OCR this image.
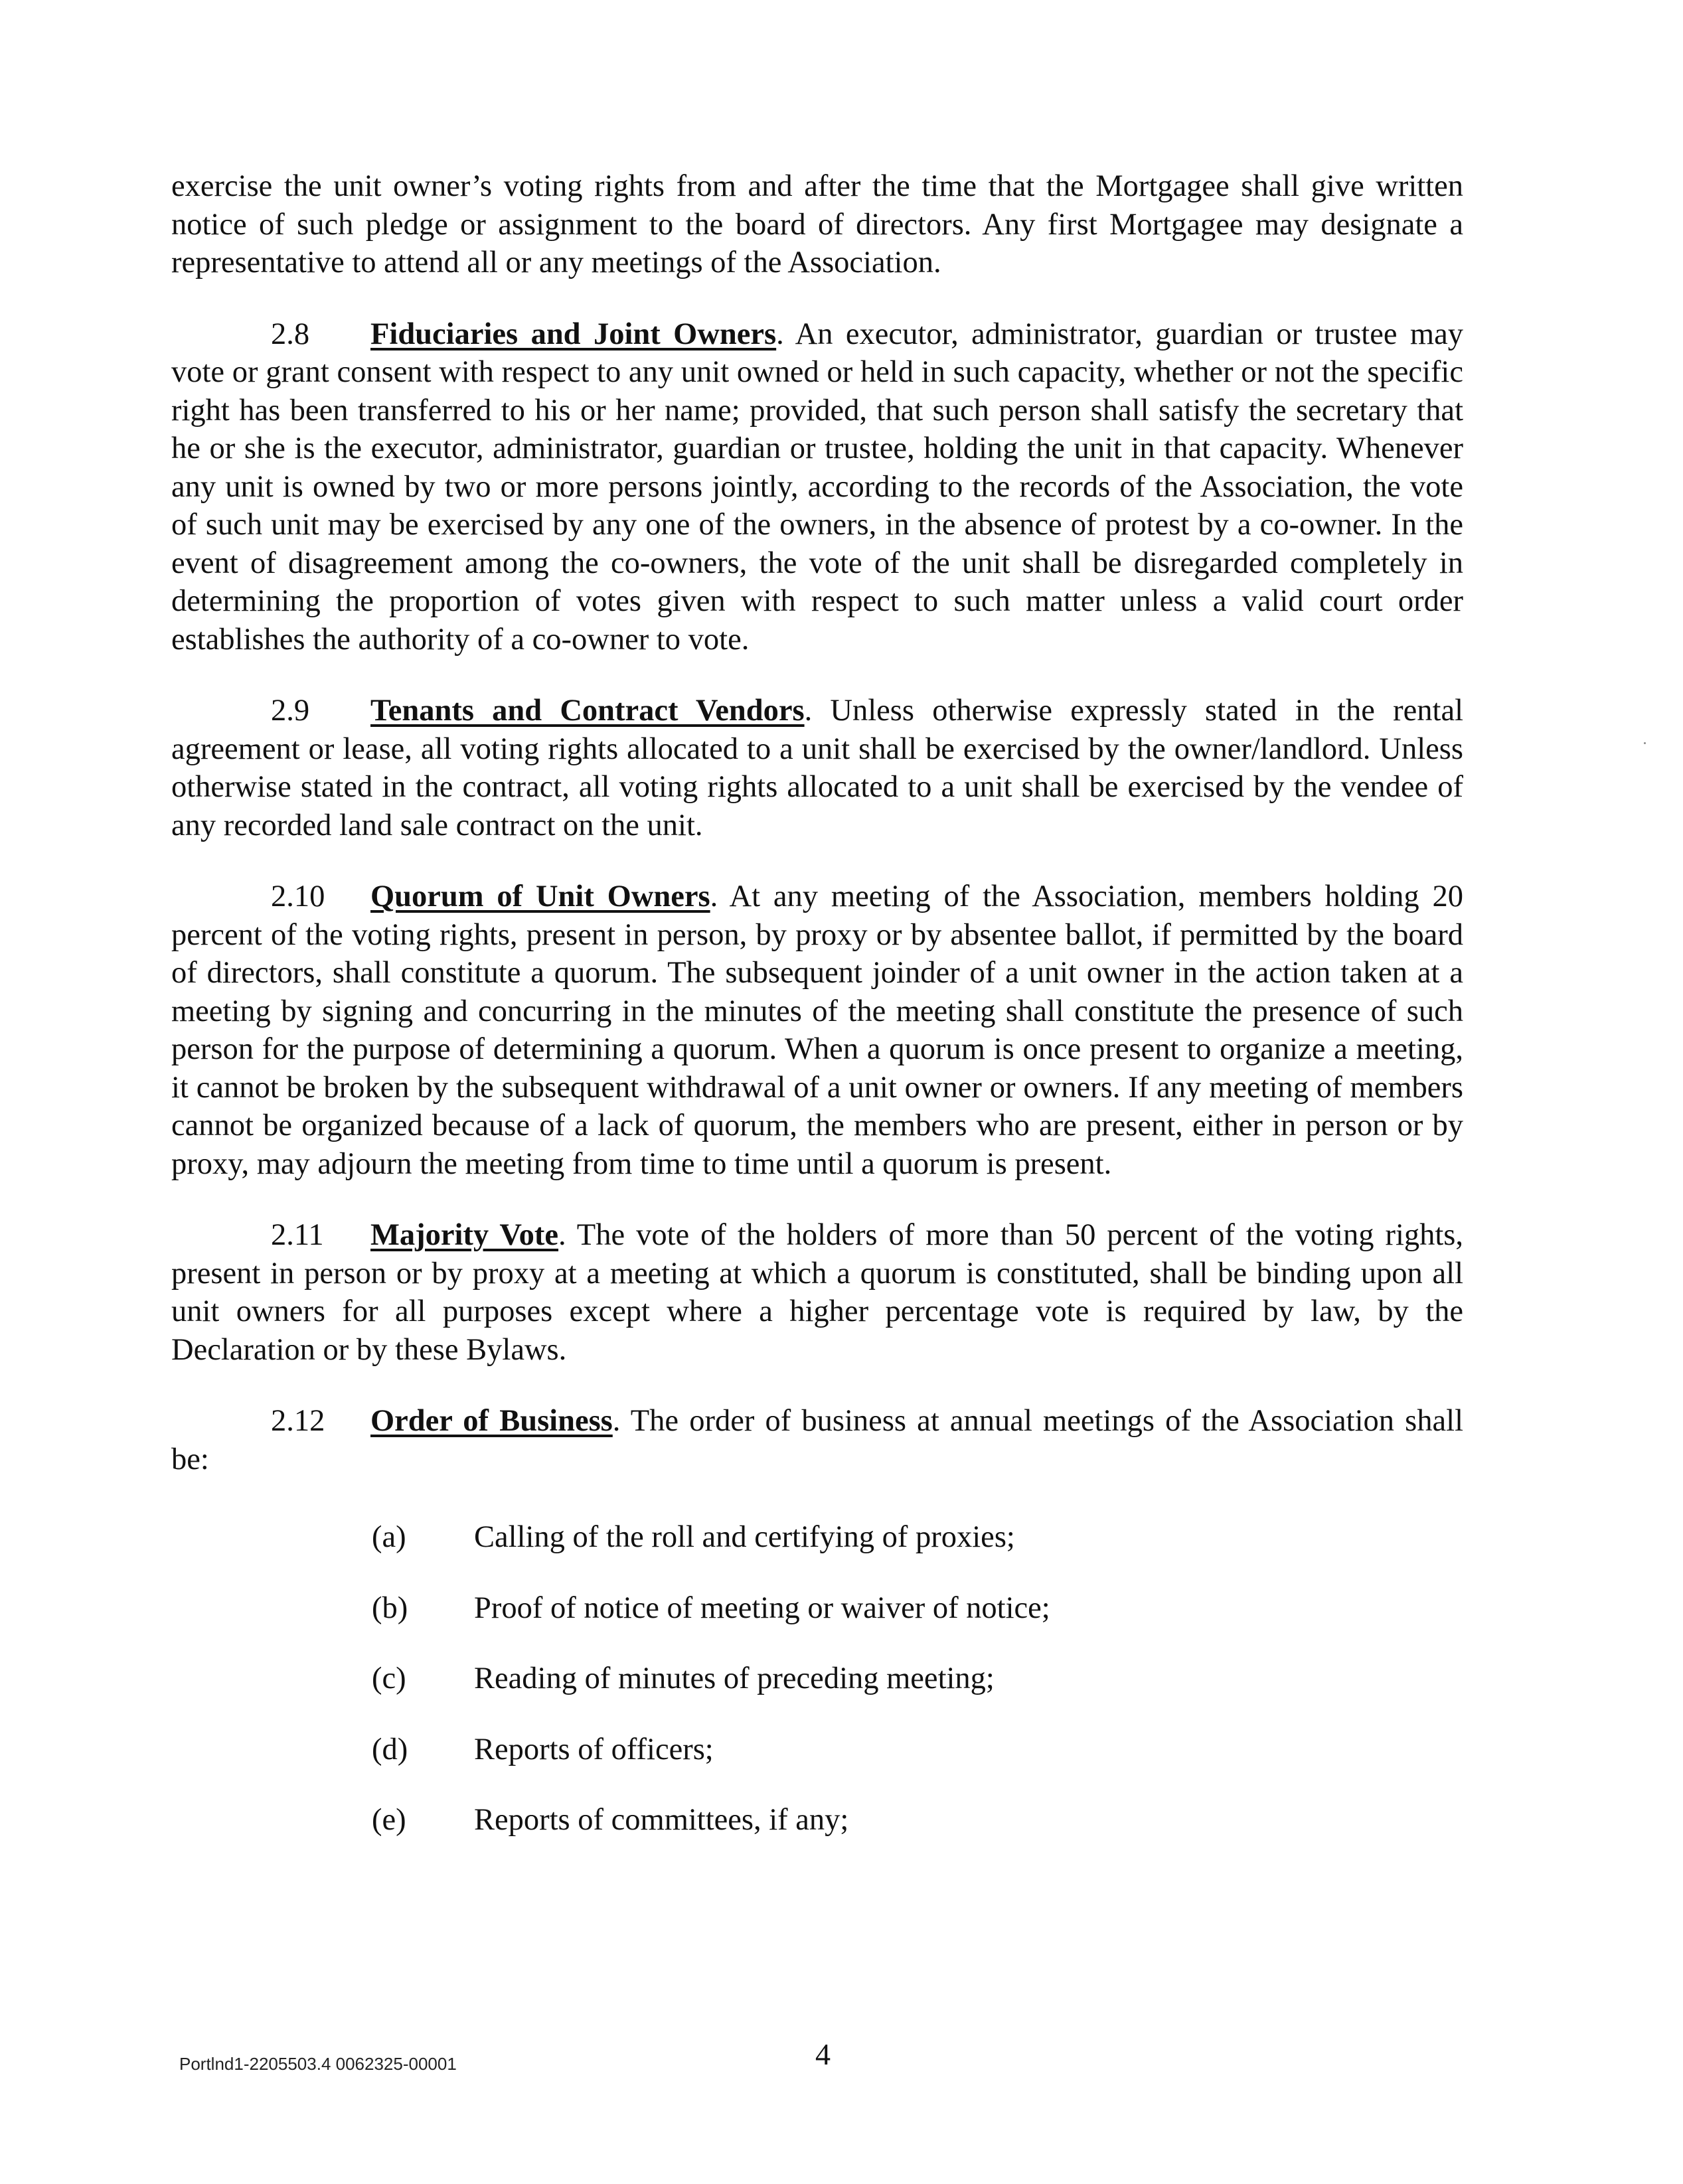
exercise the unit owner’s voting rights from and after the time that the Mortgagee shall give written notice of such pledge or assignment to the board of directors. Any first Mortgagee may designate a representative to attend all or any meetings of the Association.

2.8 Fiduciaries and Joint Owners. An executor, administrator, guardian or trustee may vote or grant consent with respect to any unit owned or held in such capacity, whether or not the specific right has been transferred to his or her name; provided, that such person shall satisfy the secretary that he or she is the executor, administrator, guardian or trustee, holding the unit in that capacity. Whenever any unit is owned by two or more persons jointly, according to the records of the Association, the vote of such unit may be exercised by any one of the owners, in the absence of protest by a co-owner. In the event of disagreement among the co-owners, the vote of the unit shall be disregarded completely in determining the proportion of votes given with respect to such matter unless a valid court order establishes the authority of a co-owner to vote.

2.9 Tenants and Contract Vendors. Unless otherwise expressly stated in the rental agreement or lease, all voting rights allocated to a unit shall be exercised by the owner/landlord. Unless otherwise stated in the contract, all voting rights allocated to a unit shall be exercised by the vendee of any recorded land sale contract on the unit.

2.10 Quorum of Unit Owners. At any meeting of the Association, members holding 20 percent of the voting rights, present in person, by proxy or by absentee ballot, if permitted by the board of directors, shall constitute a quorum. The subsequent joinder of a unit owner in the action taken at a meeting by signing and concurring in the minutes of the meeting shall constitute the presence of such person for the purpose of determining a quorum. When a quorum is once present to organize a meeting, it cannot be broken by the subsequent withdrawal of a unit owner or owners. If any meeting of members cannot be organized because of a lack of quorum, the members who are present, either in person or by proxy, may adjourn the meeting from time to time until a quorum is present.

2.11 Majority Vote. The vote of the holders of more than 50 percent of the voting rights, present in person or by proxy at a meeting at which a quorum is constituted, shall be binding upon all unit owners for all purposes except where a higher percentage vote is required by law, by the Declaration or by these Bylaws.

2.12 Order of Business. The order of business at annual meetings of the Association shall be:

(a) Calling of the roll and certifying of proxies;
(b) Proof of notice of meeting or waiver of notice;
(c) Reading of minutes of preceding meeting;
(d) Reports of officers;
(e) Reports of committees, if any;
Portlnd1-2205503.4 0062325-00001	4
